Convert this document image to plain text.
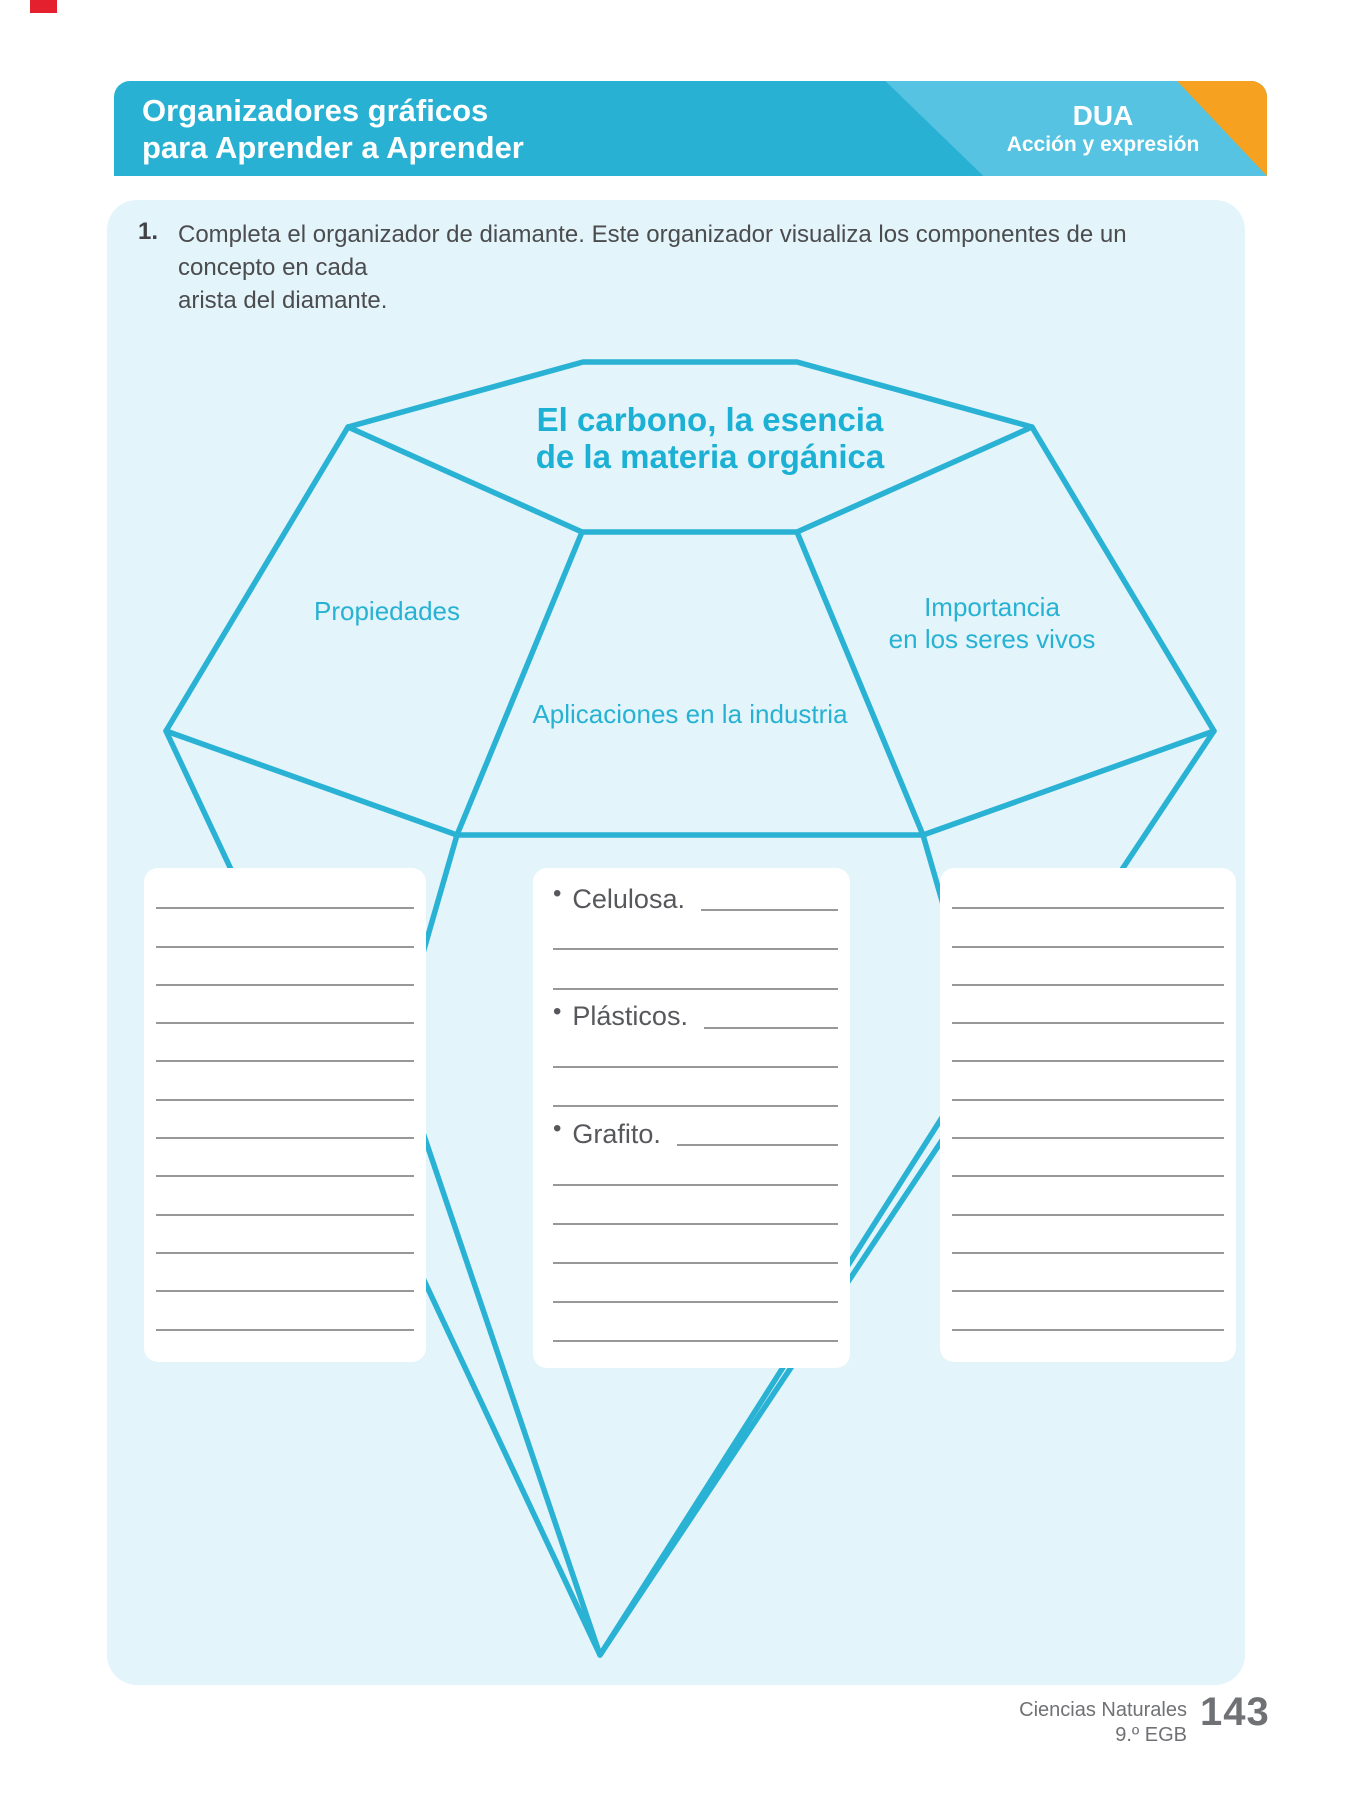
Organizadores gráficos
para Aprender a Aprender
DUA
Acción y expresión
1. Completa el organizador de diamante. Este organizador visualiza los componentes de un concepto en cada
arista del diamante.
El carbono, la esencia
de la materia orgánica
Propiedades
Aplicaciones en la industria
Importancia
en los seres vivos
• Celulosa.
• Plásticos.
• Grafito.
Ciencias Naturales
9.º EGB
143
